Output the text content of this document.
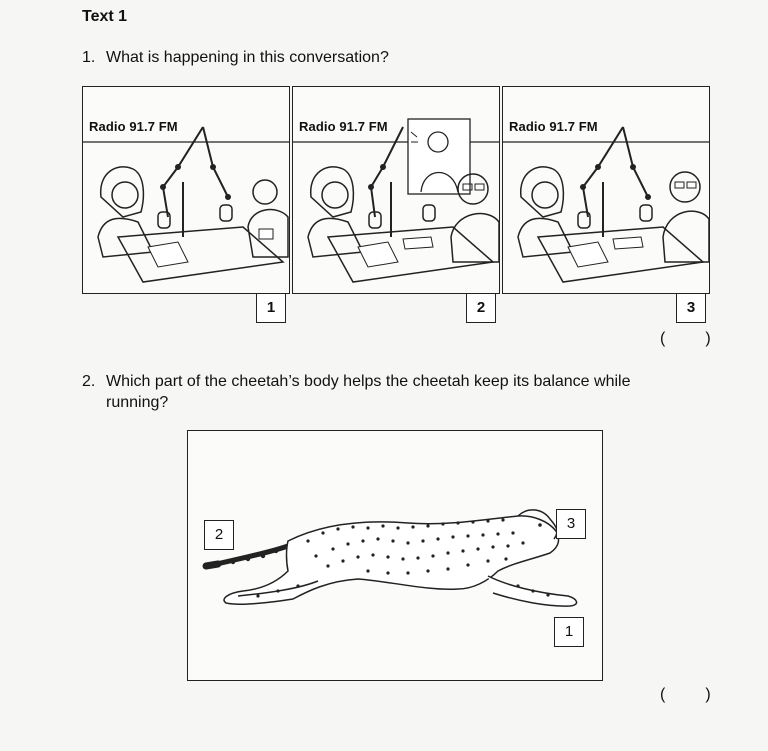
Text 1
1. What is happening in this conversation?
Radio 91.7 FM
1
Radio 91.7 FM
2
Radio 91.7 FM
3
(         )
2. Which part of the cheetah’s body helps the cheetah keep its balance while
running?
2
3
1
(         )
